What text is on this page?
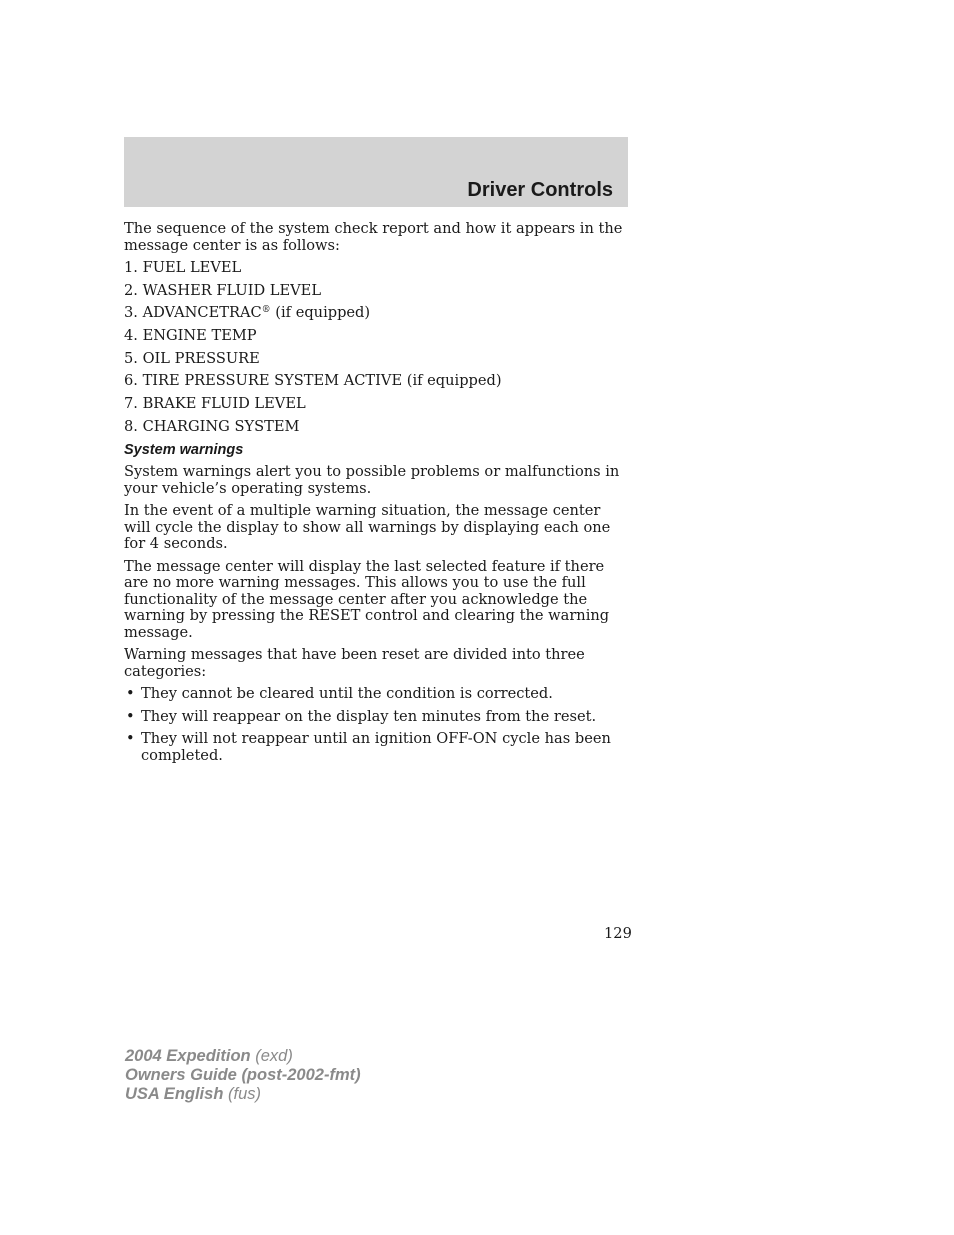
Driver Controls

The sequence of the system check report and how it appears in the message center is as follows:

1. FUEL LEVEL
2. WASHER FLUID LEVEL
3. ADVANCETRAC® (if equipped)
4. ENGINE TEMP
5. OIL PRESSURE
6. TIRE PRESSURE SYSTEM ACTIVE (if equipped)
7. BRAKE FLUID LEVEL
8. CHARGING SYSTEM
System warnings

System warnings alert you to possible problems or malfunctions in your vehicle’s operating systems.

In the event of a multiple warning situation, the message center will cycle the display to show all warnings by displaying each one for 4 seconds.

The message center will display the last selected feature if there are no more warning messages. This allows you to use the full functionality of the message center after you acknowledge the warning by pressing the RESET control and clearing the warning message.

Warning messages that have been reset are divided into three categories:

• They cannot be cleared until the condition is corrected.
• They will reappear on the display ten minutes from the reset.
• They will not reappear until an ignition OFF-ON cycle has been completed.
129
2004 Expedition (exd)
Owners Guide (post-2002-fmt)
USA English (fus)
